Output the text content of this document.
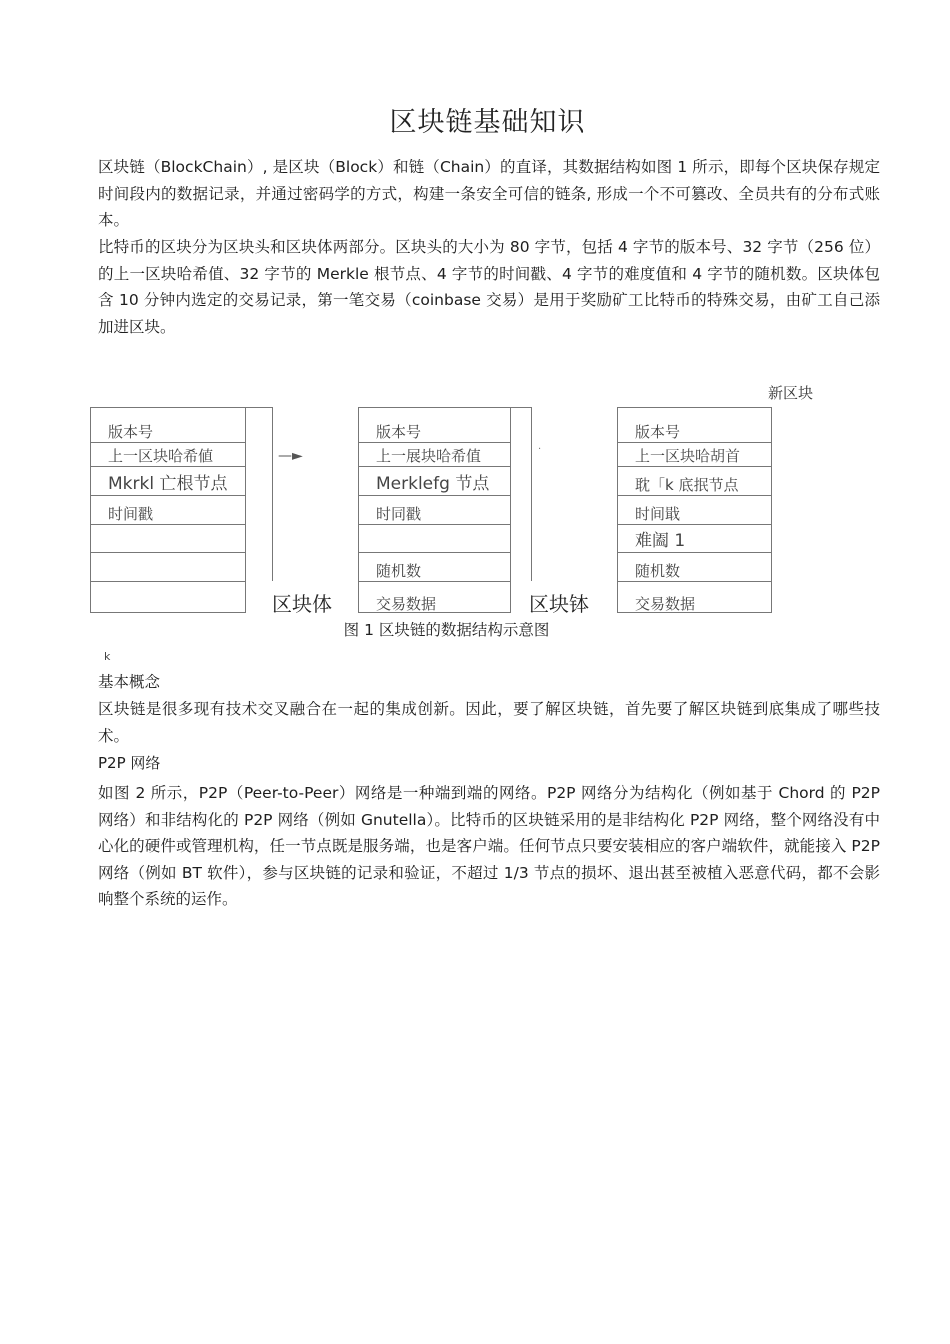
区块链基础知识
区块链（BlockChain）, 是区块（Block）和链（Chain）的直译，其数据结构如图 1 所示，即每个区块保存规定时间段内的数据记录，并通过密码学的方式，构建一条安全可信的链条, 形成一个不可篡改、全员共有的分布式账本。
比特币的区块分为区块头和区块体两部分。区块头的大小为 80 字节，包括 4 字节的版本号、32 字节（256 位）的上一区块哈希值、32 字节的 Merkle 根节点、4 字节的时间戳、4 字节的难度值和 4 字节的随机数。区块体包含 10 分钟内选定的交易记录，第一笔交易（coinbase 交易）是用于奖励矿工比特币的特殊交易，由矿工自己添加进区块。
新区块
版本号
上一区块哈希値
Mkrkl 亡根节点
时间戳
—►
区块体
版本号
上一展块哈希值
Merklefg 节点
时同戳
随机数
交易数据
·
区块钵
版本号
上一区块哈胡首
耽「k 底抿节点
时间戢
难阖 1
随机数
交易数据
图 1 区块链的数据结构示意图
k
基本概念
区块链是很多现有技术交叉融合在一起的集成创新。因此，要了解区块链，首先要了解区块链到底集成了哪些技术。
P2P 网络
如图 2 所示，P2P（Peer-to-Peer）网络是一种端到端的网络。P2P 网络分为结构化（例如基于 Chord 的 P2P 网络）和非结构化的 P2P 网络（例如 Gnutella）。比特币的区块链采用的是非结构化 P2P 网络，整个网络没有中心化的硬件或管理机构，任一节点既是服务端，也是客户端。任何节点只要安装相应的客户端软件，就能接入 P2P 网络（例如 BT 软件），参与区块链的记录和验证，不超过 1/3 节点的损坏、退出甚至被植入恶意代码，都不会影响整个系统的运作。
